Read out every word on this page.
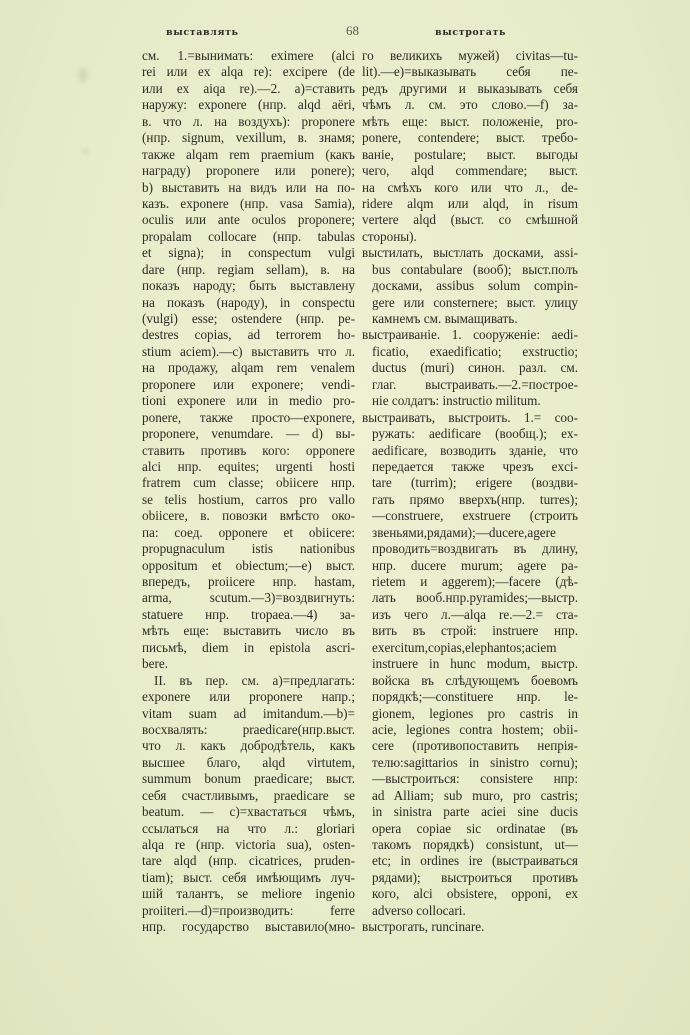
выставлять	68	выстрогать
см. 1.=вынимать: eximere (alci
rei или ex alqa re): excipere (de
или ex aiqa re).—2. a)=ставить
наружу: exponere (нпр. alqd aëri,
в. что л. на воздухъ): proponere
(нпр. signum, vexillum, в. знамя;
также alqam rem praemium (какъ
награду) proponere или ponere);
b) выставить на видъ или на по-
казъ. exponere (нпр. vasa Samia),
oculis или ante oculos proponere;
propalam collocare (нпр. tabulas
et signa); in conspectum vulgi
dare (нпр. regiam sellam), в. на
показъ народу; быть выставлену
на показъ (народу), in conspectu
(vulgi) esse; ostendere (нпр. pe-
destres copias, ad terrorem ho-
stium aciem).—c) выставить что л.
на продажу, alqam rem venalem
proponere или exponere; vendi-
tioni exponere или in medio pro-
ponere, также просто—exponere,
proponere, venumdare. — d) вы-
ставить противъ кого: opponere
alci нпр. equites; urgenti hosti
fratrem cum classe; obiicere нпр.
se telis hostium, carros pro vallo
obiicere, в. повозки вмѣсто око-
па: соед. opponere et obiicere:
propugnaculum istis nationibus
oppositum et obiectum;—e) выст.
впередъ, proiicere нпр. hastam,
arma, scutum.—3)=воздвигнуть:
statuere нпр. tropaea.—4) за-
мѣть еще: выставить число въ
письмѣ, diem in epistola ascri-
bere.
II. въ пер. см. a)=предлагать:
exponere или proponere напр.;
vitam suam ad imitandum.—b)=
восхвалять: praedicare(нпр.выст.
что л. какъ добродѣтель, какъ
высшее благо, alqd virtutem,
summum bonum praedicare; выст.
себя счастливымъ, praedicare se
beatum. — c)=хвастаться чѣмъ,
ссылаться на что л.: gloriari
alqa re (нпр. victoria sua), osten-
tare alqd (нпр. cicatrices, pruden-
tiam); выст. себя имѣющимъ луч-
шій талантъ, se meliore ingenio
proiiteri.—d)=производить: ferre
нпр. государство выставило(мно-
го великихъ мужей) civitas—tu-
lit).—e)=выказывать себя пе-
редъ другими и выказывать себя
чѣмъ л. см. это слово.—f) за-
мѣть еще: выст. положеніе, pro-
ponere, contendere; выст. требо-
ваніе, postulare; выст. выгоды
чего, alqd commendare; выст.
на смѣхъ кого или что л., de-
ridere alqm или alqd, in risum
vertere alqd (выст. со смѣшной
стороны).
выстилать, выстлать досками, assi-
bus contabulare (вооб); выст.полъ
досками, assibus solum compin-
gere или consternere; выст. улицу
камнемъ см. вымащивать.
выстраиваніе. 1. сооруженіе: aedi-
ficatio, exaedificatio; exstructio;
ductus (muri) синон. разл. см.
глаг. выстраивать.—2.=построе-
ніе солдатъ: instructio militum.
выстраивать, выстроить. 1.= соо-
ружать: aedificare (вообщ.); ex-
aedificare, возводить зданіе, что
передается также чрезъ exci-
tare (turrim); erigere (воздви-
гать прямо вверхъ(нпр. turres);
—construere, exstruere (строить
звеньями,рядами);—ducere,agere
проводить=воздвигать въ длину,
нпр. ducere murum; agere pa-
rietem и aggerem);—facere (дѣ-
лать вооб.нпр.pyramides;—выстр.
изъ чего л.—alqa re.—2.= ста-
вить въ строй: instruere нпр.
exercitum,copias,elephantos;aciem
instruere in hunc modum, выстр.
войска въ слѣдующемъ боевомъ
порядкѣ;—constituere нпр. le-
gionem, legiones pro castris in
acie, legiones contra hostem; obii-
cere (противопоставить непрія-
телю:sagittarios in sinistro cornu);
—выстроиться: consistere нпр:
ad Alliam; sub muro, pro castris;
in sinistra parte aciei sine ducis
opera copiae sic ordinatae (въ
такомъ порядкѣ) consistunt, ut—
etc; in ordines ire (выстраиваться
рядами); выстроиться противъ
кого, alci obsistere, opponi, ex
adverso collocari.
выстрогать, runcinare.
